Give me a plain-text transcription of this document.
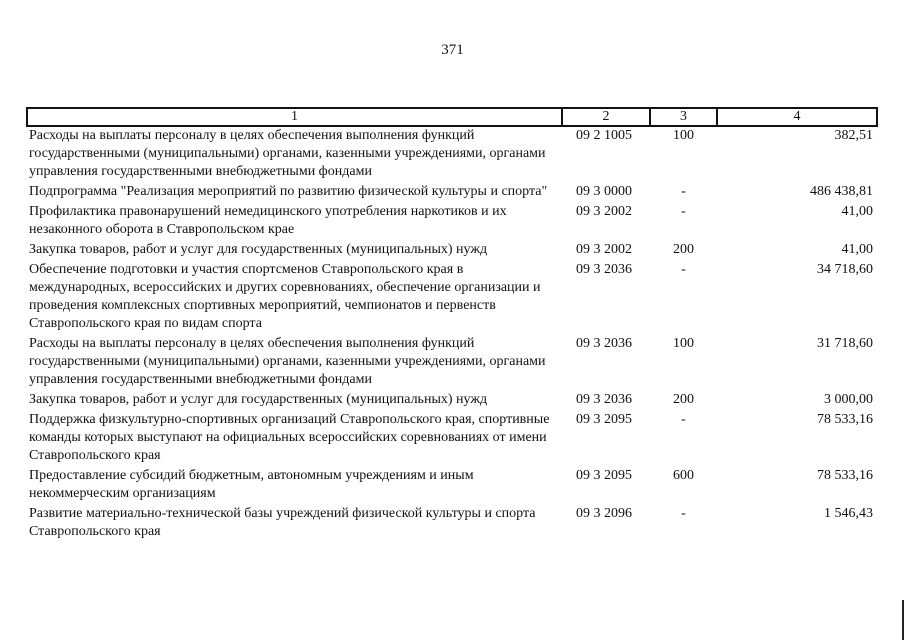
371
1	2	3	4
Расходы на выплаты персоналу в целях обеспечения выполнения функций государственными (муниципальными) органами, казенными учреждениями, органами управления государственными внебюджетными фондами	09 2 1005	100	382,51
Подпрограмма "Реализация мероприятий по развитию физической культуры и спорта"	09 3 0000	-	486 438,81
Профилактика правонарушений немедицинского употребления наркотиков и их незаконного оборота в Ставропольском крае	09 3 2002	-	41,00
Закупка товаров, работ и услуг для государственных (муниципальных) нужд	09 3 2002	200	41,00
Обеспечение подготовки и участия спортсменов Ставропольского края в международных, всероссийских и других соревнованиях, обеспечение организации и проведения комплексных спортивных мероприятий, чемпионатов и первенств Ставропольского края по видам спорта	09 3 2036	-	34 718,60
Расходы на выплаты персоналу в целях обеспечения выполнения функций государственными (муниципальными) органами, казенными учреждениями, органами управления государственными внебюджетными фондами	09 3 2036	100	31 718,60
Закупка товаров, работ и услуг для государственных (муниципальных) нужд	09 3 2036	200	3 000,00
Поддержка физкультурно-спортивных организаций Ставропольского края, спортивные команды которых выступают на официальных всероссийских соревнованиях от имени Ставропольского края	09 3 2095	-	78 533,16
Предоставление субсидий бюджетным, автономным учреждениям и иным некоммерческим организациям	09 3 2095	600	78 533,16
Развитие материально-технической базы учреждений физической культуры и спорта Ставропольского края	09 3 2096	-	1 546,43
